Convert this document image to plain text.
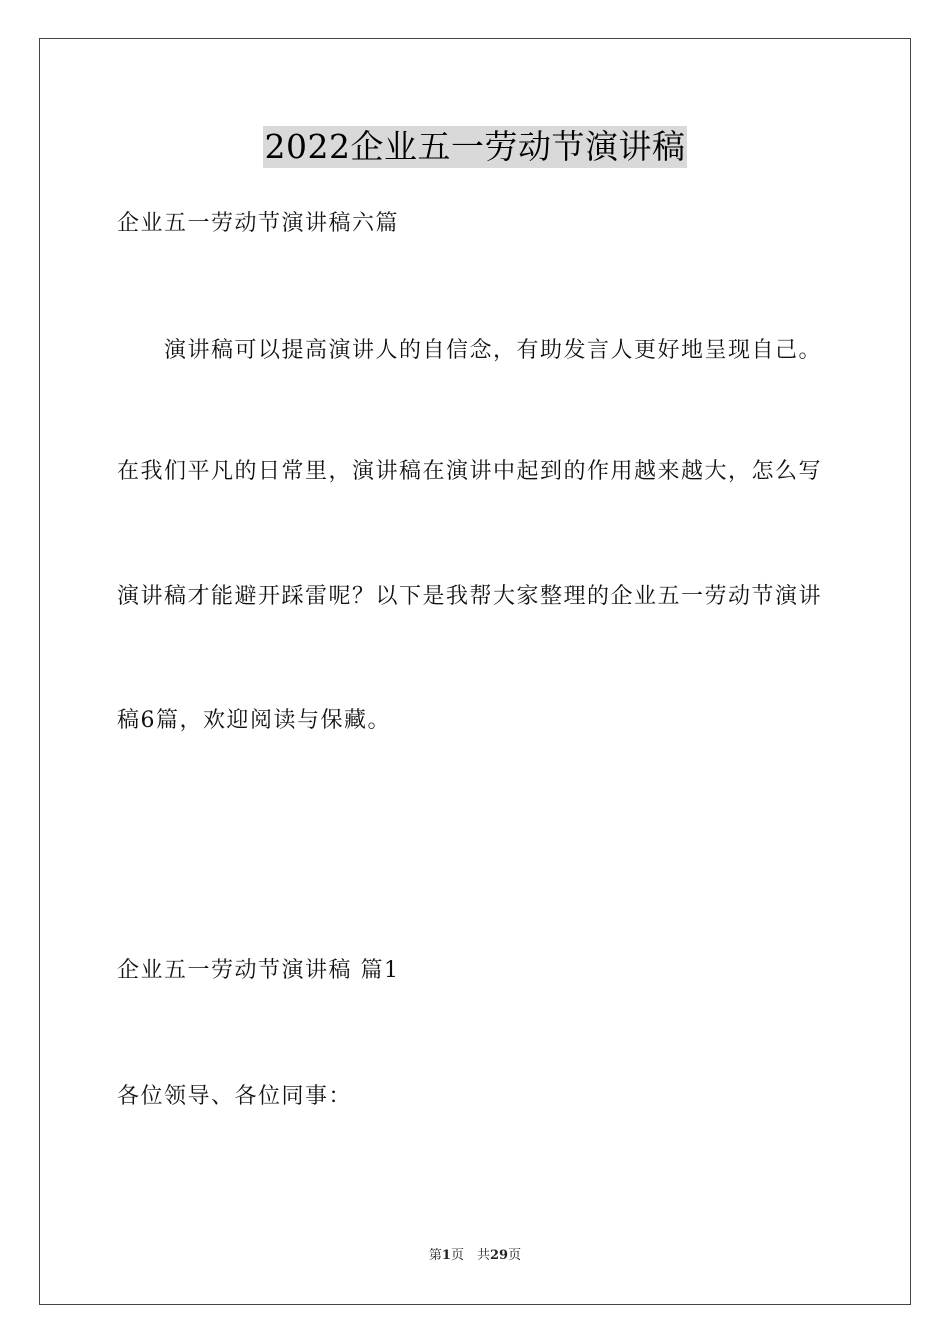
2022企业五一劳动节演讲稿
企业五一劳动节演讲稿六篇
演讲稿可以提高演讲人的自信念，有助发言人更好地呈现自己。
在我们平凡的日常里，演讲稿在演讲中起到的作用越来越大，怎么写
演讲稿才能避开踩雷呢？以下是我帮大家整理的企业五一劳动节演讲
稿6篇，欢迎阅读与保藏。
企业五一劳动节演讲稿 篇1
各位领导、各位同事：
第1页　共29页
